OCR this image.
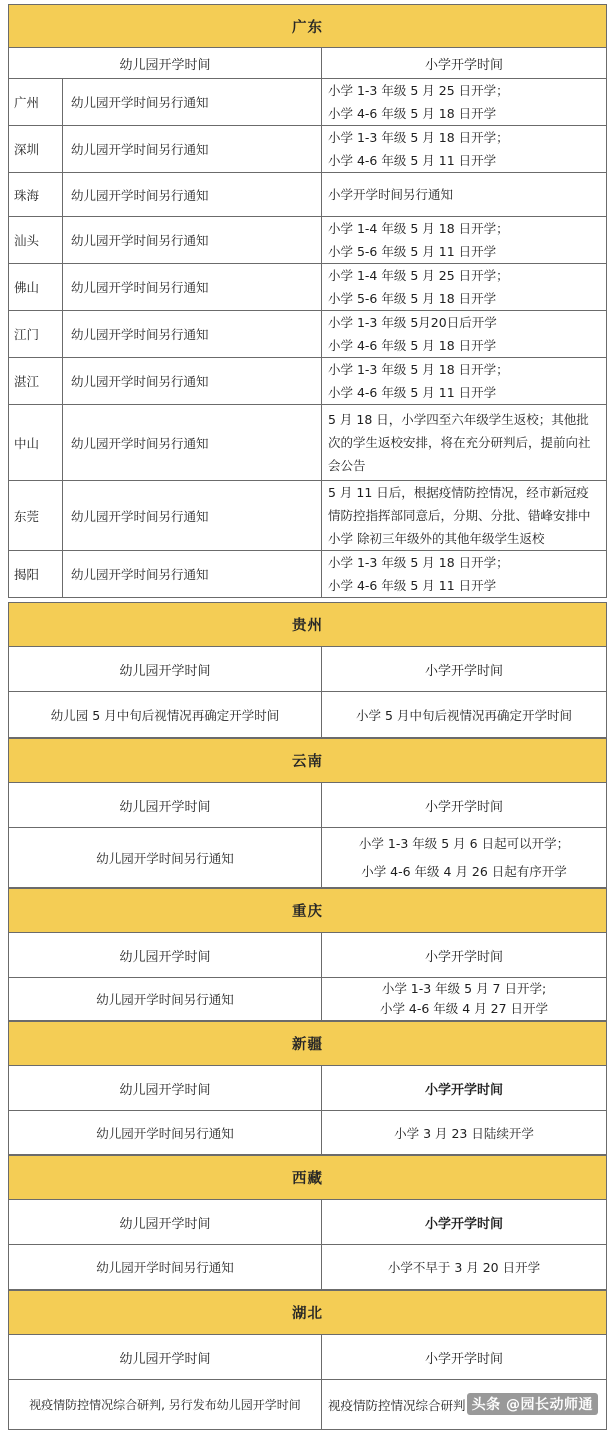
广东		
幼儿园开学时间		小学开学时间
广州	幼儿园开学时间另行通知	小学 1-3 年级 5 月 25 日开学；
小学 4-6 年级 5 月 18 日开学

深圳	幼儿园开学时间另行通知	小学 1-3 年级 5 月 18 日开学；
小学 4-6 年级 5 月 11 日开学

珠海	幼儿园开学时间另行通知	小学开学时间另行通知

汕头	幼儿园开学时间另行通知	小学 1-4 年级 5 月 18 日开学；
小学 5-6 年级 5 月 11 日开学

佛山	幼儿园开学时间另行通知	小学 1-4 年级 5 月 25 日开学；
小学 5-6 年级 5 月 18 日开学

江门	幼儿园开学时间另行通知	小学 1-3 年级 5月20日后开学
小学 4-6 年级 5 月 18 日开学

湛江	幼儿园开学时间另行通知	小学 1-3 年级 5 月 18 日开学；
小学 4-6 年级 5 月 11 日开学

中山	幼儿园开学时间另行通知	5 月 18 日，小学四至六年级学生返校；其他批
次的学生返校安排，将在充分研判后，提前向社
会公告

东莞	幼儿园开学时间另行通知	5 月 11 日后，根据疫情防控情况，经市新冠疫
情防控指挥部同意后，分期、分批、错峰安排中
小学 除初三年级外的其他年级学生返校

揭阳	幼儿园开学时间另行通知	小学 1-3 年级 5 月 18 日开学；
小学 4-6 年级 5 月 11 日开学
贵州	
幼儿园开学时间	小学开学时间
幼儿园 5 月中旬后视情况再确定开学时间	小学 5 月中旬后视情况再确定开学时间
云南	
幼儿园开学时间	小学开学时间
幼儿园开学时间另行通知	小学 1-3 年级 5 月 6 日起可以开学；
小学 4-6 年级 4 月 26 日起有序开学
重庆	
幼儿园开学时间	小学开学时间
幼儿园开学时间另行通知	小学 1-3 年级 5 月 7 日开学;
小学 4-6 年级 4 月 27 日开学
新疆	
幼儿园开学时间	小学开学时间
幼儿园开学时间另行通知	小学 3 月 23 日陆续开学
西藏	
幼儿园开学时间	小学开学时间
幼儿园开学时间另行通知	小学不早于 3 月 20 日开学
湖北	
幼儿园开学时间	小学开学时间
视疫情防控情况综合研判, 另行发布幼儿园开学时间	视疫情防控情况综合研判 头条 @园长动师通
